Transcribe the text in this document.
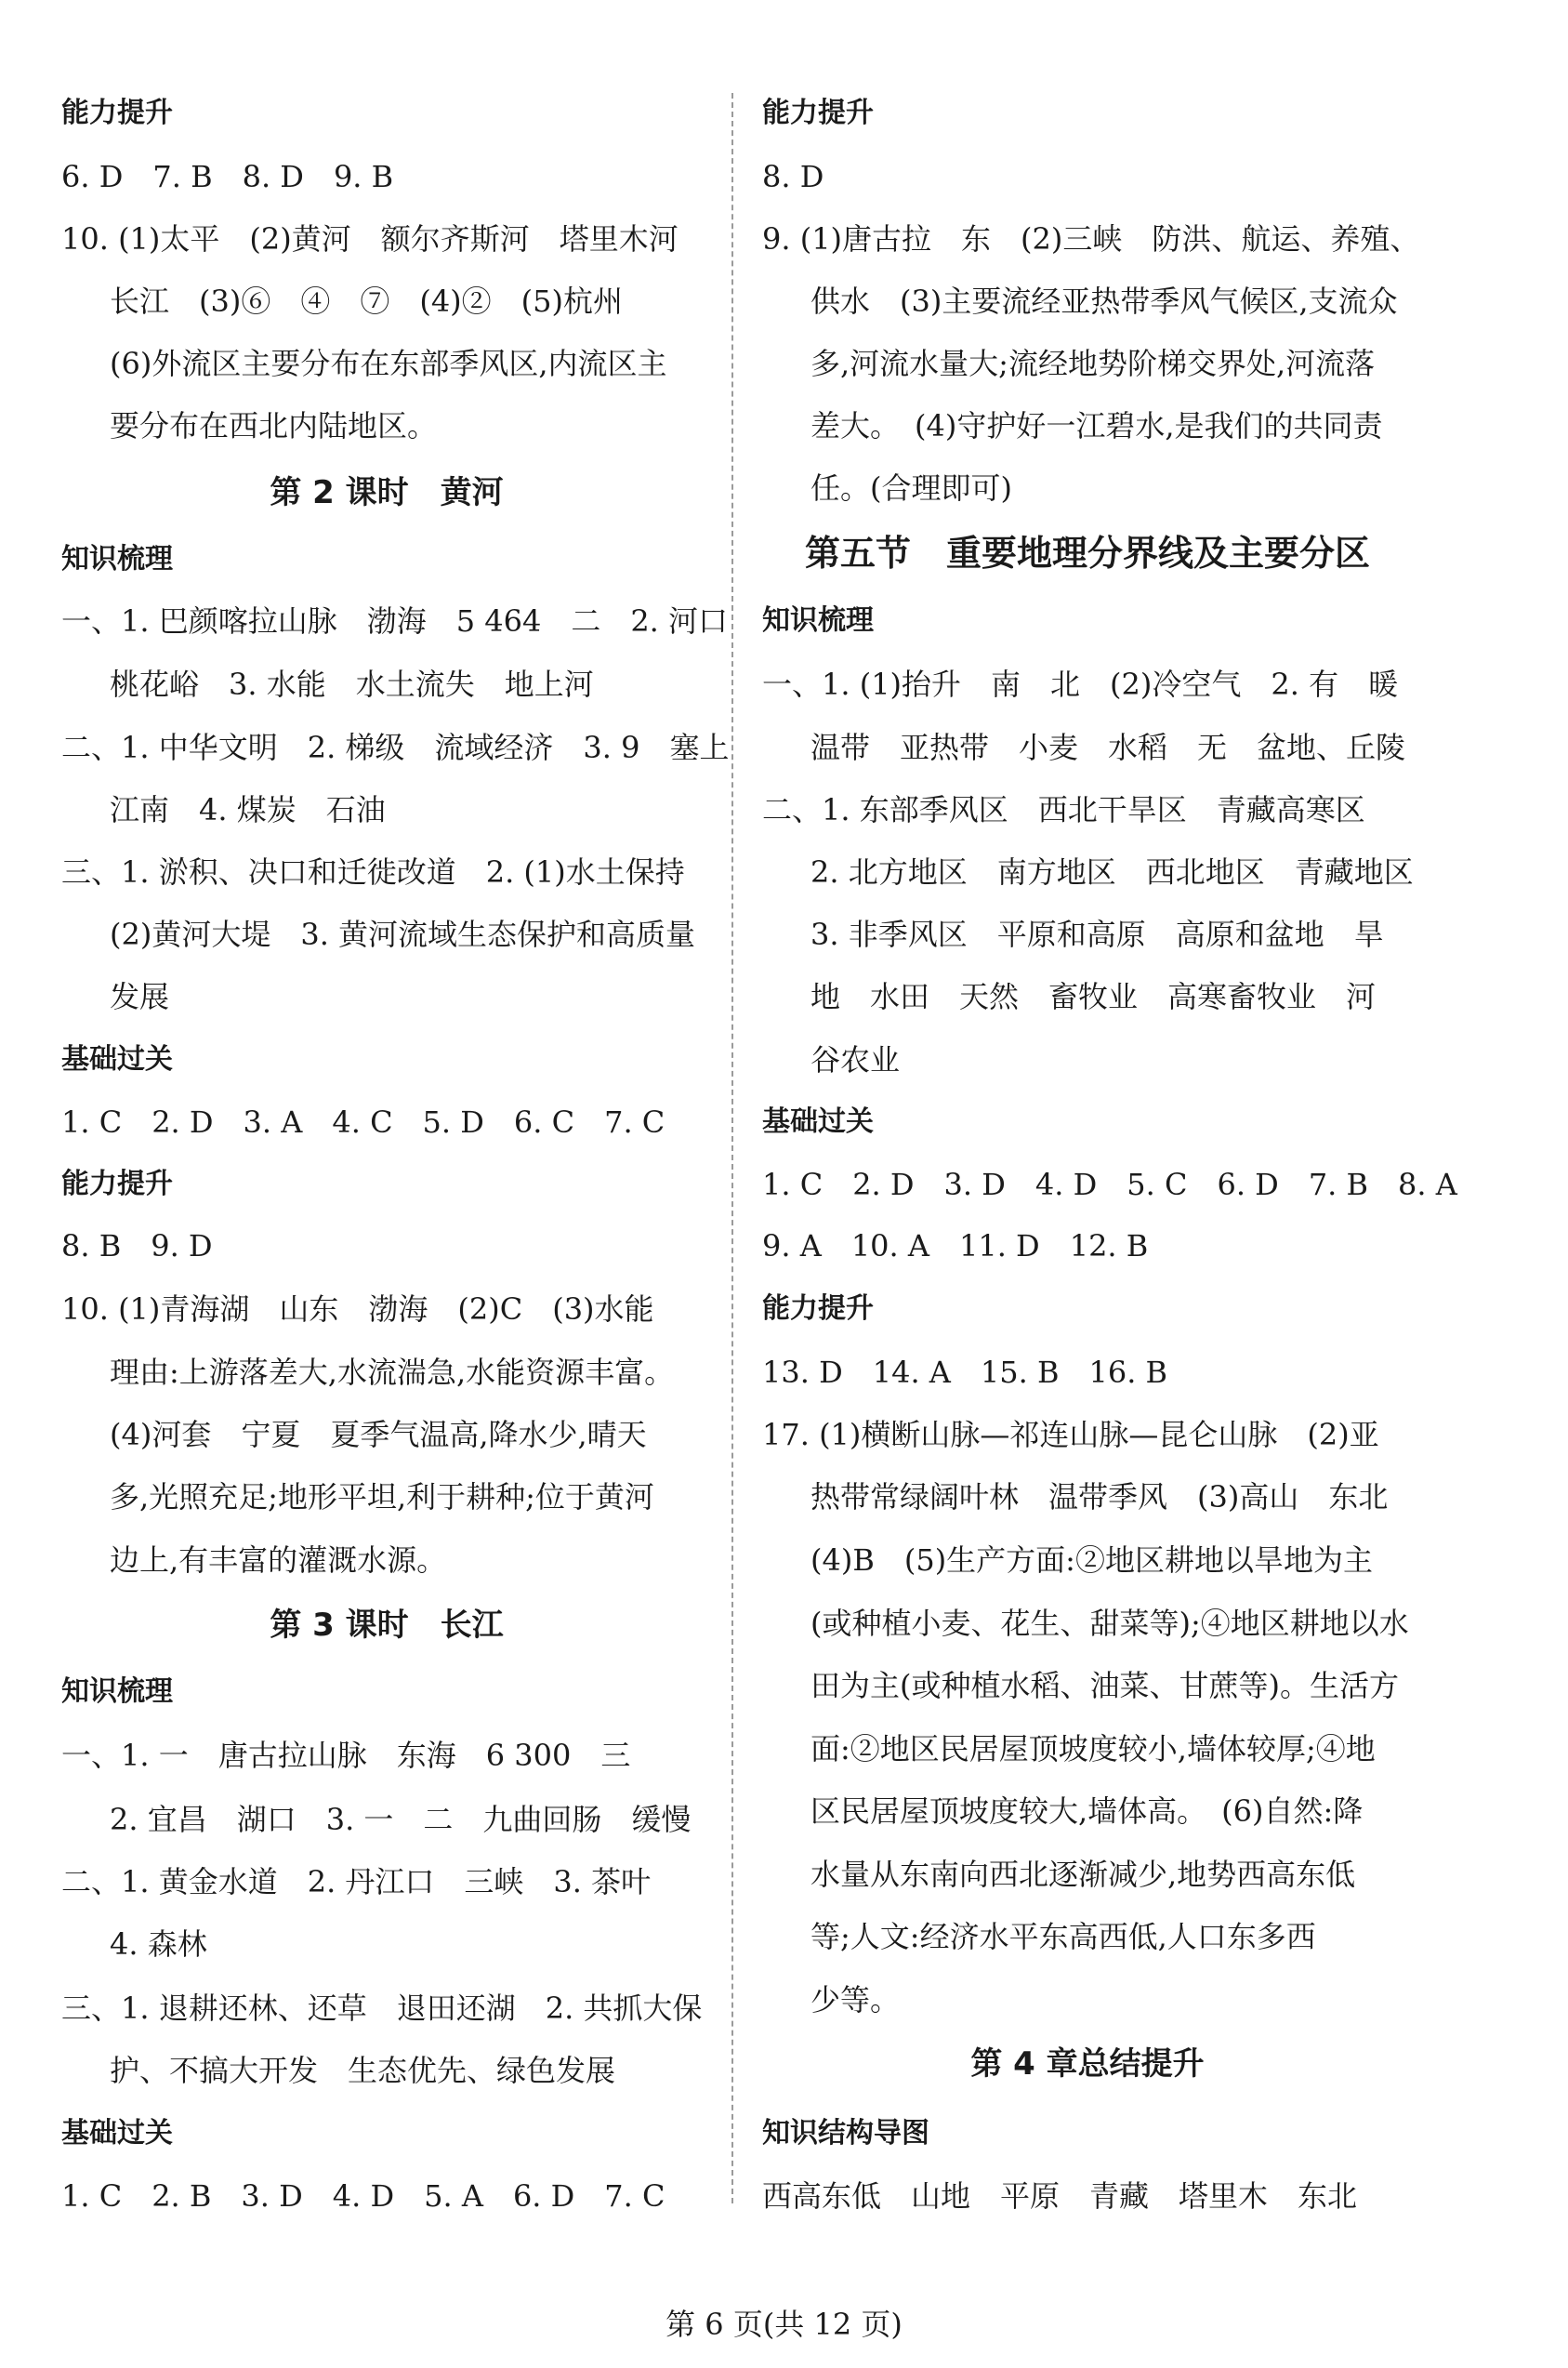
能力提升
6. D　7. B　8. D　9. B
10. (1)太平　(2)黄河　额尔齐斯河　塔里木河
长江　(3)⑥　④　⑦　(4)②　(5)杭州
(6)外流区主要分布在东部季风区,内流区主
要分布在西北内陆地区。
第 2 课时　黄河
知识梳理
一、1. 巴颜喀拉山脉　渤海　5 464　二　2. 河口
桃花峪　3. 水能　水土流失　地上河
二、1. 中华文明　2. 梯级　流域经济　3. 9　塞上
江南　4. 煤炭　石油
三、1. 淤积、决口和迁徙改道　2. (1)水土保持
(2)黄河大堤　3. 黄河流域生态保护和高质量
发展
基础过关
1. C　2. D　3. A　4. C　5. D　6. C　7. C
能力提升
8. B　9. D
10. (1)青海湖　山东　渤海　(2)C　(3)水能
理由:上游落差大,水流湍急,水能资源丰富。
(4)河套　宁夏　夏季气温高,降水少,晴天
多,光照充足;地形平坦,利于耕种;位于黄河
边上,有丰富的灌溉水源。
第 3 课时　长江
知识梳理
一、1. 一　唐古拉山脉　东海　6 300　三
2. 宜昌　湖口　3. 一　二　九曲回肠　缓慢
二、1. 黄金水道　2. 丹江口　三峡　3. 茶叶
4. 森林
三、1. 退耕还林、还草　退田还湖　2. 共抓大保
护、不搞大开发　生态优先、绿色发展
基础过关
1. C　2. B　3. D　4. D　5. A　6. D　7. C
能力提升
8. D
9. (1)唐古拉　东　(2)三峡　防洪、航运、养殖、
供水　(3)主要流经亚热带季风气候区,支流众
多,河流水量大;流经地势阶梯交界处,河流落
差大。　(4)守护好一江碧水,是我们的共同责
任。(合理即可)
第五节　重要地理分界线及主要分区
知识梳理
一、1. (1)抬升　南　北　(2)冷空气　2. 有　暖
温带　亚热带　小麦　水稻　无　盆地、丘陵
二、1. 东部季风区　西北干旱区　青藏高寒区
2. 北方地区　南方地区　西北地区　青藏地区
3. 非季风区　平原和高原　高原和盆地　旱
地　水田　天然　畜牧业　高寒畜牧业　河
谷农业
基础过关
1. C　2. D　3. D　4. D　5. C　6. D　7. B　8. A
9. A　10. A　11. D　12. B
能力提升
13. D　14. A　15. B　16. B
17. (1)横断山脉—祁连山脉—昆仑山脉　(2)亚
热带常绿阔叶林　温带季风　(3)高山　东北
(4)B　(5)生产方面:②地区耕地以旱地为主
(或种植小麦、花生、甜菜等);④地区耕地以水
田为主(或种植水稻、油菜、甘蔗等)。生活方
面:②地区民居屋顶坡度较小,墙体较厚;④地
区民居屋顶坡度较大,墙体高。　(6)自然:降
水量从东南向西北逐渐减少,地势西高东低
等;人文:经济水平东高西低,人口东多西
少等。
第 4 章总结提升
知识结构导图
西高东低　山地　平原　青藏　塔里木　东北
第 6 页(共 12 页)
